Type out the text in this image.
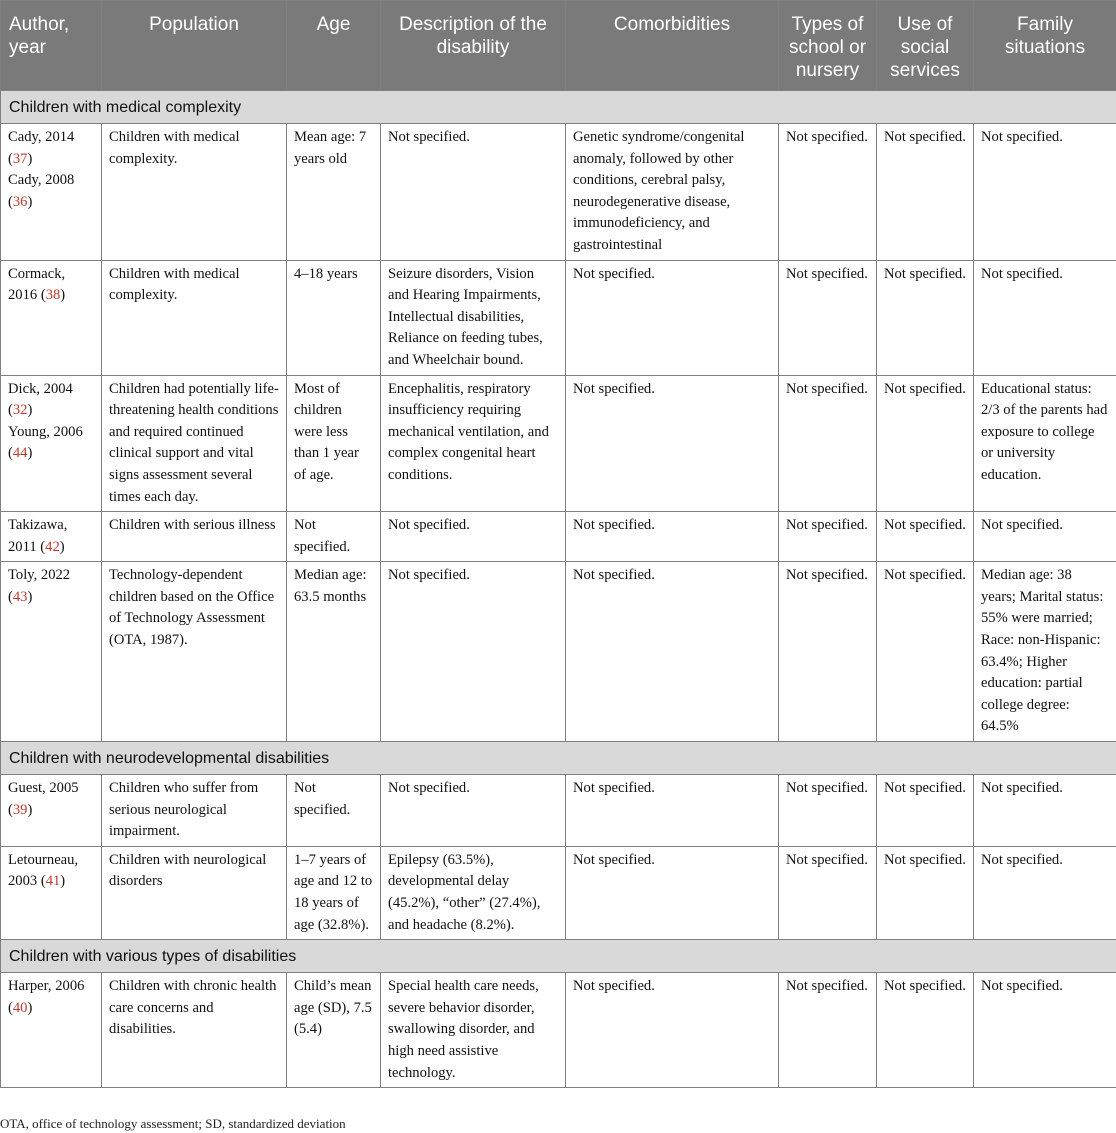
Author, year	Population	Age	Description of the disability	Comorbidities	Types of school or nursery	Use of social services	Family situations
Children with medical complexity							
Cady, 2014
(37)
Cady, 2008
(36)	Children with medical complexity.	Mean age: 7 years old	Not specified.	Genetic syndrome/congenital anomaly, followed by other conditions, cerebral palsy, neurodegenerative disease, immunodeficiency, and gastrointestinal	Not specified.	Not specified.	Not specified.
Cormack,
2016 (38)	Children with medical complexity.	4–18 years	Seizure disorders, Vision and Hearing Impairments, Intellectual disabilities, Reliance on feeding tubes, and Wheelchair bound.	Not specified.	Not specified.	Not specified.	Not specified.
Dick, 2004
(32)
Young, 2006
(44)	Children had potentially life-threatening health conditions and required continued clinical support and vital signs assessment several times each day.	Most of children were less than 1 year of age.	Encephalitis, respiratory insufficiency requiring mechanical ventilation, and complex congenital heart conditions.	Not specified.	Not specified.	Not specified.	Educational status: 2/3 of the parents had exposure to college or university education.
Takizawa,
2011 (42)	Children with serious illness	Not specified.	Not specified.	Not specified.	Not specified.	Not specified.	Not specified.
Toly, 2022
(43)	Technology-dependent children based on the Office of Technology Assessment (OTA, 1987).	Median age: 63.5 months	Not specified.	Not specified.	Not specified.	Not specified.	Median age: 38 years; Marital status: 55% were married; Race: non-Hispanic: 63.4%; Higher education: partial college degree: 64.5%
Children with neurodevelopmental disabilities							
Guest, 2005
(39)	Children who suffer from serious neurological impairment.	Not specified.	Not specified.	Not specified.	Not specified.	Not specified.	Not specified.
Letourneau,
2003 (41)	Children with neurological disorders	1–7 years of age and 12 to 18 years of age (32.8%).	Epilepsy (63.5%), developmental delay (45.2%), “other” (27.4%), and headache (8.2%).	Not specified.	Not specified.	Not specified.	Not specified.
Children with various types of disabilities							
Harper, 2006
(40)	Children with chronic health care concerns and disabilities.	Child’s mean age (SD), 7.5 (5.4)	Special health care needs, severe behavior disorder, swallowing disorder, and high need assistive technology.	Not specified.	Not specified.	Not specified.	Not specified.
OTA, office of technology assessment; SD, standardized deviation
